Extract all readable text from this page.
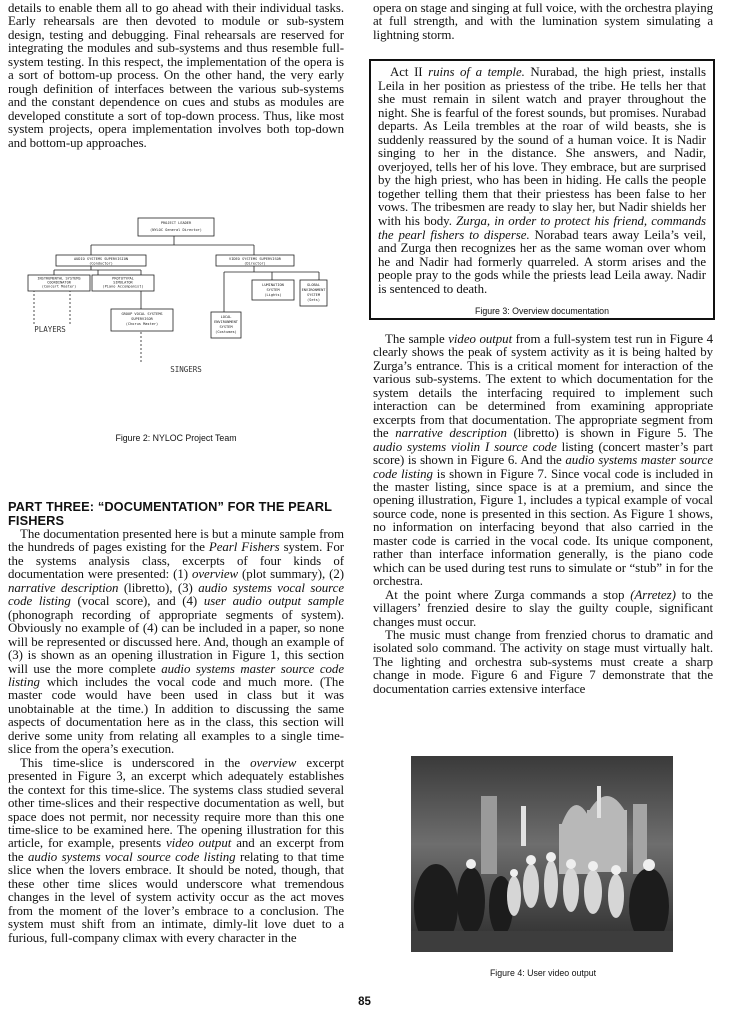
details to enable them all to go ahead with their individual tasks. Early rehearsals are then devoted to module or sub-system design, testing and debugging. Final rehearsals are reserved for integrating the modules and sub-systems and thus resemble full-system testing. In this respect, the implementation of the opera is a sort of bottom-up process. On the other hand, the very early rough definition of interfaces between the various sub-systems and the constant dependence on cues and stubs as modules are developed constitute a sort of top-down process. Thus, like most system projects, opera implementation involves both top-down and bottom-up approaches.

PROJECT LEADER (NYLOC General Director)
AUDIO SYSTEMS SUPERVISION (Conductor)
VIDEO SYSTEMS SUPERVISOR (Director)
INSTRUMENTAL SYSTEMS COORDINATOR (Concert Master)
PROTOTYPAL SIMULATOR (Piano Accompanist)
GROUP VOCAL SYSTEMS SUPERVISOR (Chorus Master)
LOCAL ENVIRONMENT SYSTEM (Costumes)
LUMINATION SYSTEM (Lights)
GLOBAL ENVIRONMENT SYSTEM (Sets)
PLAYERS
SINGERS
Figure 2: NYLOC Project Team
PART THREE: “DOCUMENTATION” FOR THE PEARL FISHERS

The documentation presented here is but a minute sample from the hundreds of pages existing for the Pearl Fishers system. For the systems analysis class, excerpts of four kinds of documentation were presented: (1) overview (plot summary), (2) narrative description (libretto), (3) audio systems vocal source code listing (vocal score), and (4) user audio output sample (phonograph recording of appropriate segments of system). Obviously no example of (4) can be included in a paper, so none will be represented or discussed here. And, though an example of (3) is shown as an opening illustration in Figure 1, this section will use the more complete audio systems master source code listing which includes the vocal code and much more. (The master code would have been used in class but it was unobtainable at the time.) In addition to discussing the same aspects of documentation here as in the class, this section will derive some unity from relating all examples to a single time-slice from the opera’s execution.

This time-slice is underscored in the overview excerpt presented in Figure 3, an excerpt which adequately establishes the context for this time-slice. The systems class studied several other time-slices and their respective documentation as well, but space does not permit, nor necessity require more than this one time-slice to be examined here. The opening illustration for this article, for example, presents video output and an excerpt from the audio systems vocal source code listing relating to that time slice when the lovers embrace. It should be noted, though, that these other time slices would underscore what tremendous changes in the level of system activity occur as the act moves from the moment of the lover’s embrace to a conclusion. The system must shift from an intimate, dimly-lit love duet to a furious, full-company climax with every character in the

opera on stage and singing at full voice, with the orchestra playing at full strength, and with the lumination system simulating a lightning storm.

Act II ruins of a temple. Nurabad, the high priest, installs Leila in her position as priestess of the tribe. He tells her that she must remain in silent watch and prayer throughout the night. She is fearful of the forest sounds, but promises. Nurabad departs. As Leila trembles at the roar of wild beasts, she is suddenly reassured by the sound of a human voice. It is Nadir singing to her in the distance. She answers, and Nadir, overjoyed, tells her of his love. They embrace, but are surprised by the high priest, who has been in hiding. He calls the people together telling them that their priestess has been false to her vows. The tribesmen are ready to slay her, but Nadir shields her with his body. Zurga, in order to protect his friend, commands the pearl fishers to disperse. Norabad tears away Leila’s veil, and Zurga then recognizes her as the same woman over whom he and Nadir had formerly quarreled. A storm arises and the people pray to the gods while the priests lead Leila away. Nadir is sentenced to death.

Figure 3: Overview documentation

The sample video output from a full-system test run in Figure 4 clearly shows the peak of system activity as it is being halted by Zurga’s entrance. This is a critical moment for interaction of the various sub-systems. The extent to which documentation for the system details the interfacing required to implement such interaction can be determined from examining appropriate excerpts from that documentation. The appropriate segment from the narrative description (libretto) is shown in Figure 5. The audio systems violin I source code listing (concert master’s part score) is shown in Figure 6. And the audio systems master source code listing is shown in Figure 7. Since vocal code is included in the master listing, since space is at a premium, and since the opening illustration, Figure 1, includes a typical example of vocal source code, none is presented in this section. As Figure 1 shows, no information on interfacing beyond that also carried in the master code is carried in the vocal code. Its unique component, rather than interface information generally, is the piano code which can be used during test runs to simulate or “stub” in for the orchestra.

At the point where Zurga commands a stop (Arretez) to the villagers’ frenzied desire to slay the guilty couple, significant changes must occur.

The music must change from frenzied chorus to dramatic and isolated solo command. The activity on stage must virtually halt. The lighting and orchestra sub-systems must create a sharp change in mode. Figure 6 and Figure 7 demonstrate that the documentation carries extensive interface

Figure 4: User video output
85
